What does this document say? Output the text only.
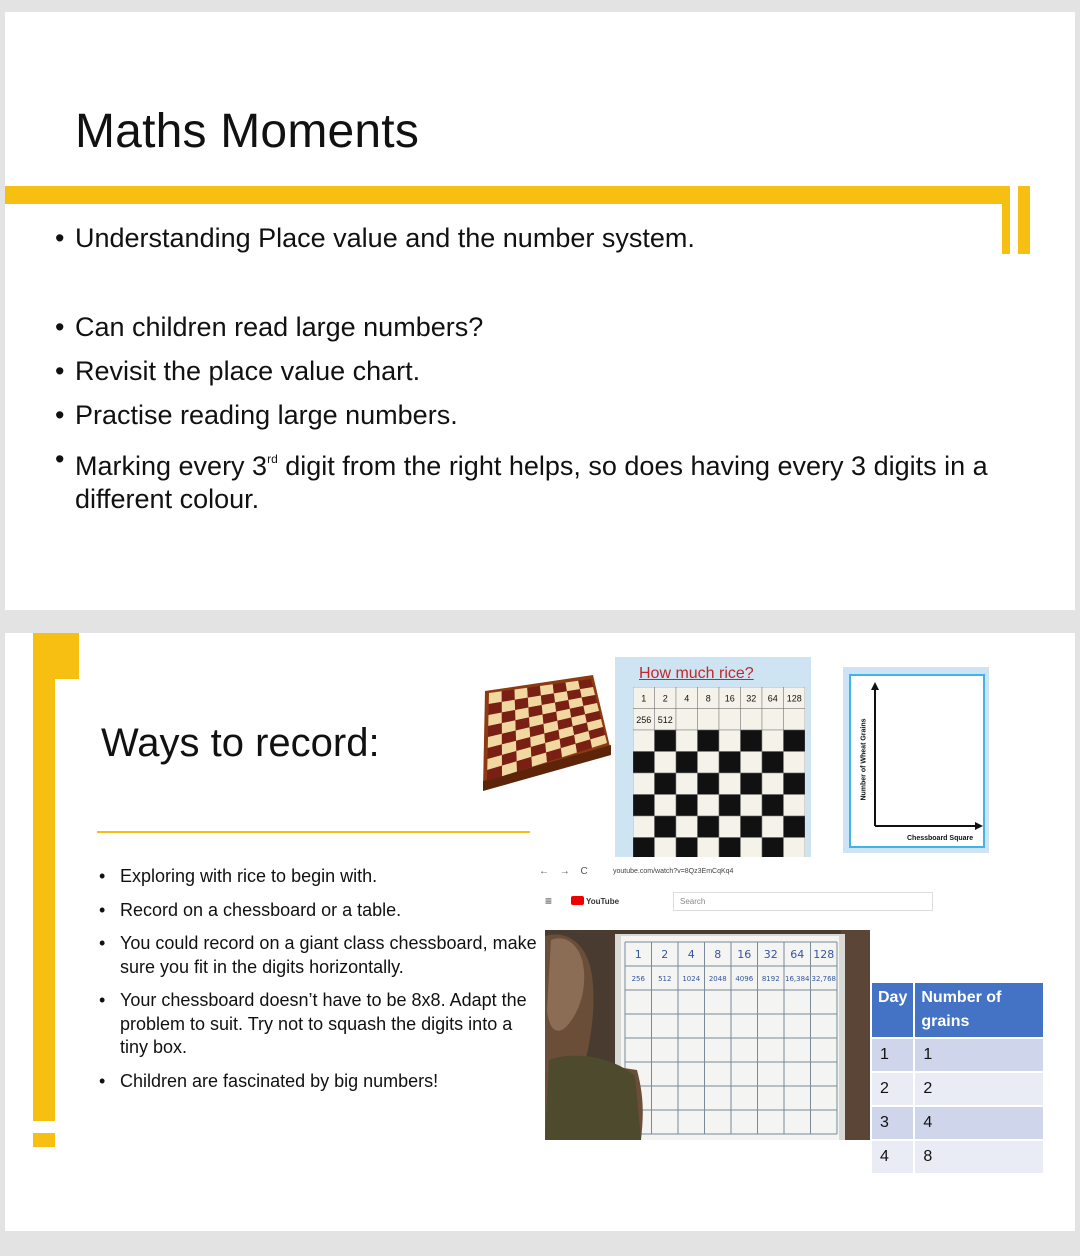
Maths Moments
• Understanding Place value and the number system.
• Can children read large numbers?
• Revisit the place value chart.
• Practise reading large numbers.
• Marking every 3rd digit from the right helps, so does having every 3 digits in a different colour.
Ways to record:
• Exploring with rice to begin with.
• Record on a chessboard or a table.
• You could record on a giant class chessboard, make sure you fit in the digits horizontally.
• Your chessboard doesn’t have to be 8x8. Adapt the problem to suit. Try not to squash the digits into a tiny box.
• Children are fascinated by big numbers!
How much rice?
1 2 4 8 16 32 64 128
256 512	Number of Wheat Grains
Chessboard Square
← → C	youtube.com/watch?v=8Qz3EmCqKq4
≡	YouTube	Search
1 2 4 8 16 32 64 128
256 512 1024 2048 4096 8192 16,384 32,768
Day	Number of grains
1	1
2	2
3	4
4	8
